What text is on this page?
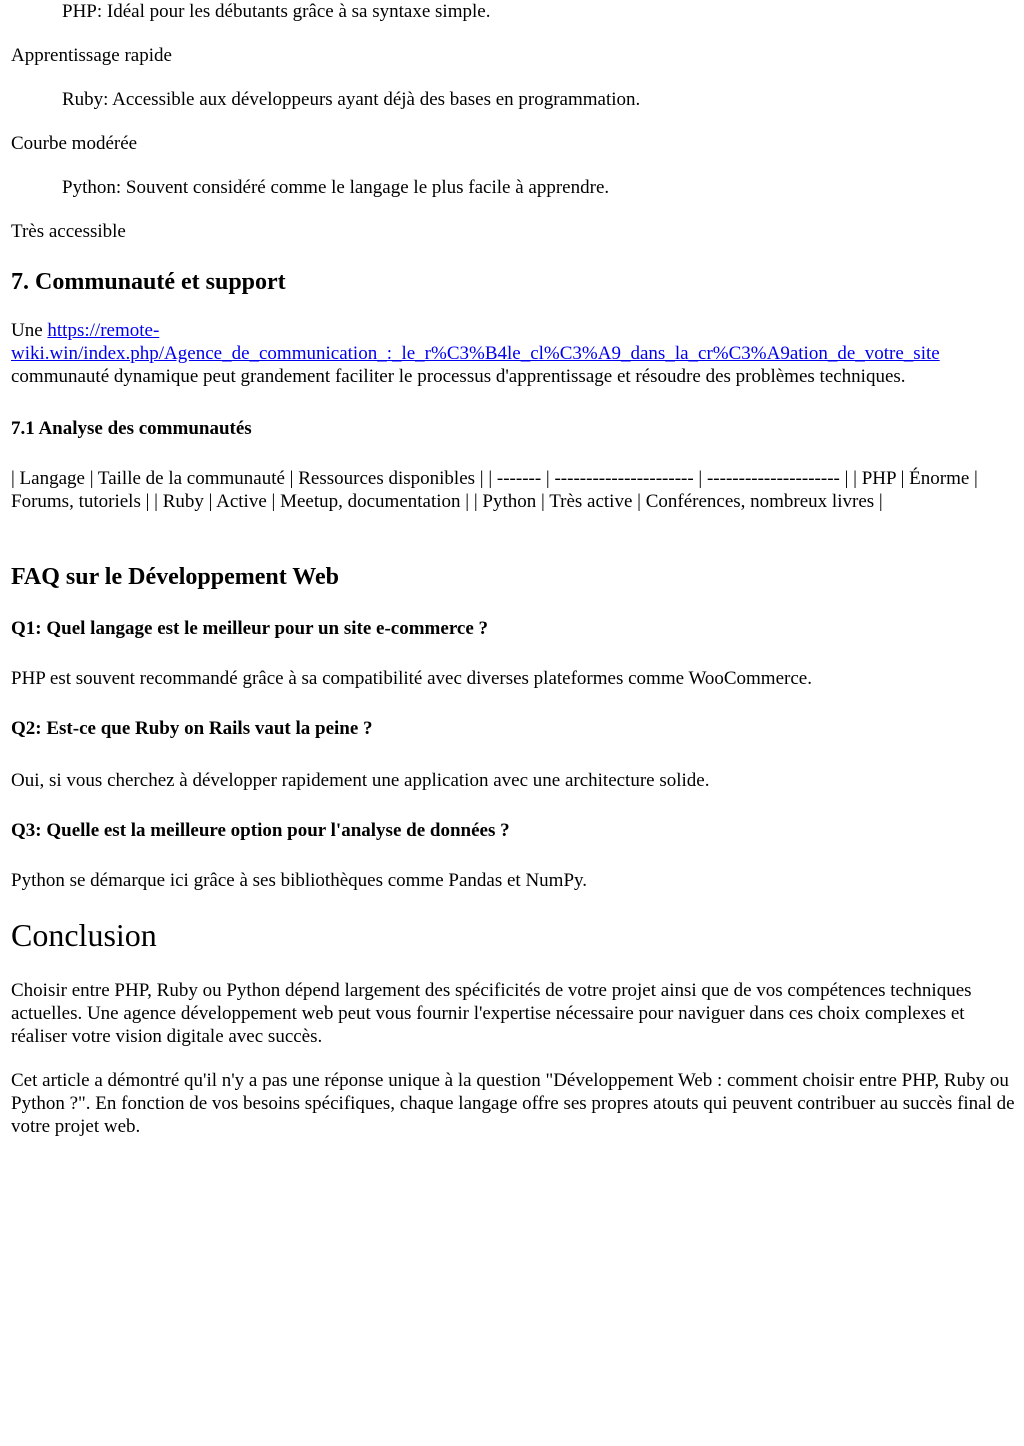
PHP: Idéal pour les débutants grâce à sa syntaxe simple.

Apprentissage rapide

Ruby: Accessible aux développeurs ayant déjà des bases en programmation.

Courbe modérée

Python: Souvent considéré comme le langage le plus facile à apprendre.

Très accessible

7. Communauté et support
Une https://remote-
wiki.win/index.php/Agence_de_communication_:_le_r%C3%B4le_cl%C3%A9_dans_la_cr%C3%A9ation_de_votre_site
communauté dynamique peut grandement faciliter le processus d'apprentissage et résoudre des problèmes techniques.
7.1 Analyse des communautés

| Langage | Taille de la communauté | Ressources disponibles | | ------- | ---------------------- | --------------------- | | PHP | Énorme | Forums, tutoriels | | Ruby | Active | Meetup, documentation | | Python | Très active | Conférences, nombreux livres |

FAQ sur le Développement Web
Q1: Quel langage est le meilleur pour un site e-commerce ?

PHP est souvent recommandé grâce à sa compatibilité avec diverses plateformes comme WooCommerce.

Q2: Est-ce que Ruby on Rails vaut la peine ?

Oui, si vous cherchez à développer rapidement une application avec une architecture solide.

Q3: Quelle est la meilleure option pour l'analyse de données ?

Python se démarque ici grâce à ses bibliothèques comme Pandas et NumPy.

Conclusion

Choisir entre PHP, Ruby ou Python dépend largement des spécificités de votre projet ainsi que de vos compétences techniques actuelles. Une agence développement web peut vous fournir l'expertise nécessaire pour naviguer dans ces choix complexes et réaliser votre vision digitale avec succès.

Cet article a démontré qu'il n'y a pas une réponse unique à la question "Développement Web : comment choisir entre PHP, Ruby ou Python ?". En fonction de vos besoins spécifiques, chaque langage offre ses propres atouts qui peuvent contribuer au succès final de votre projet web.
